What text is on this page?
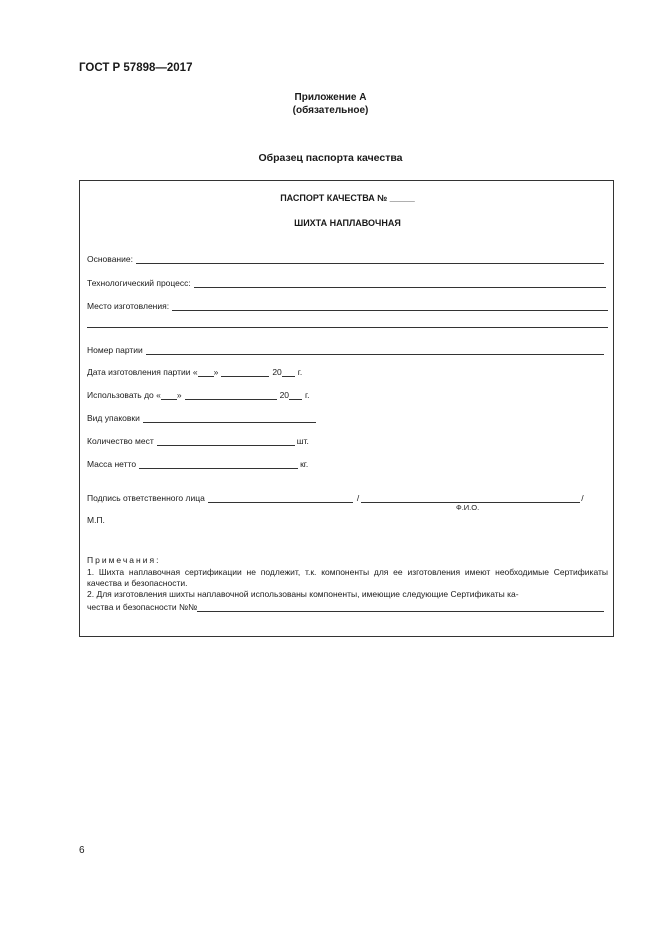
ГОСТ Р 57898—2017
Приложение А
(обязательное)
Образец паспорта качества
ПАСПОРТ КАЧЕСТВА № _____
ШИХТА НАПЛАВОЧНАЯ
Основание:
Технологический процесс:
Место изготовления:
Номер партии
Дата изготовления партии « »	20 г.
Использовать до « »	20 г.
Вид упаковки
Количество мест	шт.
Масса нетто	кг.
Подпись ответственного лица	/	/
Ф.И.О.
М.П.
Примечания:
1. Шихта наплавочная сертификации не подлежит, т.к. компоненты для ее изготовления имеют необходимые Сертификаты качества и безопасности.
2. Для изготовления шихты наплавочной использованы компоненты, имеющие следующие Сертификаты ка-
чества и безопасности №№
6
